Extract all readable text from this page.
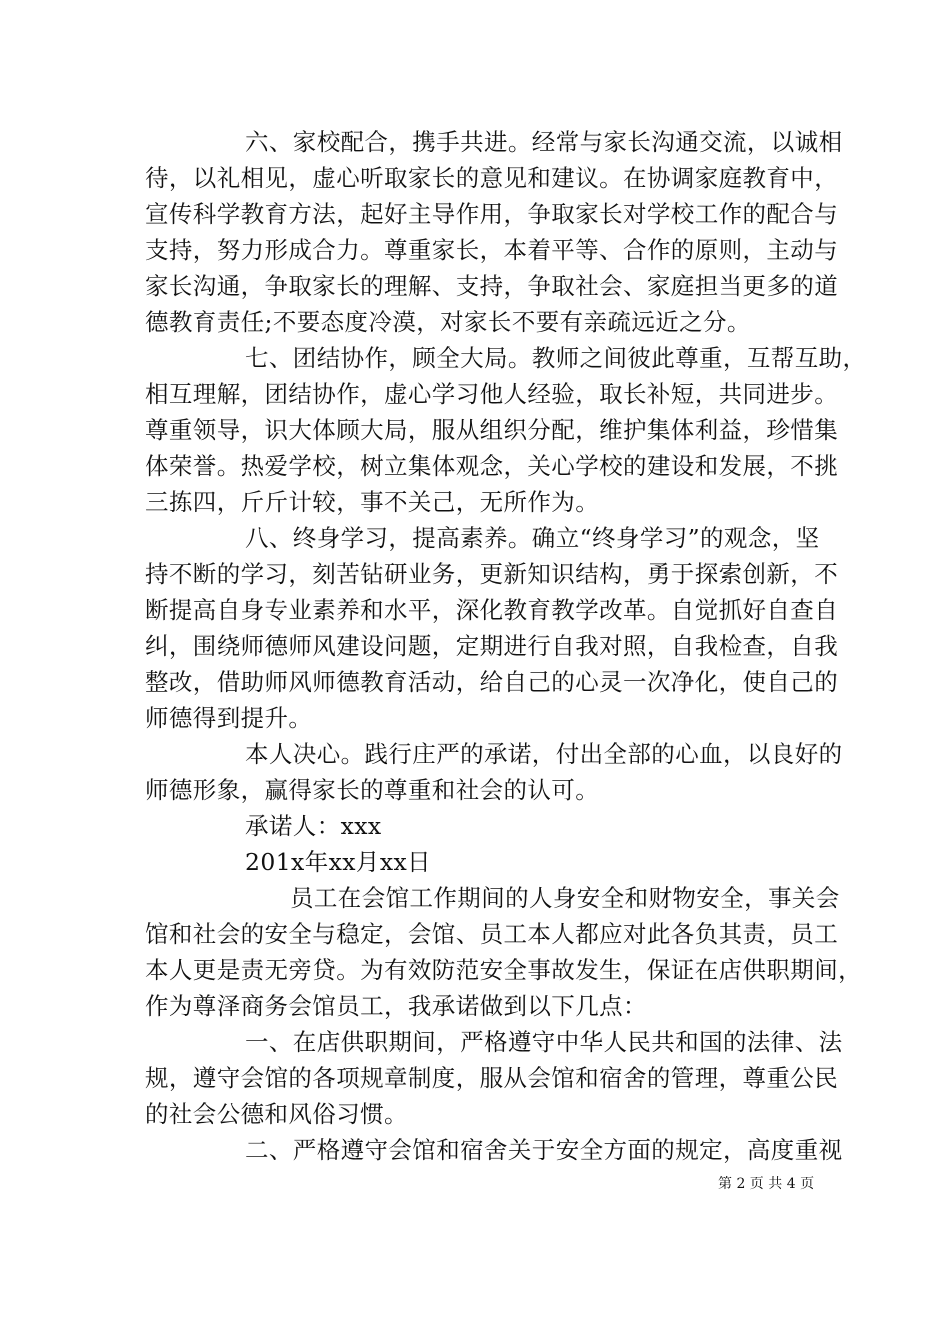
六、家校配合，携手共进。经常与家长沟通交流，以诚相
待，以礼相见，虚心听取家长的意见和建议。在协调家庭教育中，
宣传科学教育方法，起好主导作用，争取家长对学校工作的配合与
支持，努力形成合力。尊重家长，本着平等、合作的原则，主动与
家长沟通，争取家长的理解、支持，争取社会、家庭担当更多的道
德教育责任;不要态度冷漠，对家长不要有亲疏远近之分。
七、团结协作，顾全大局。教师之间彼此尊重，互帮互助，
相互理解，团结协作，虚心学习他人经验，取长补短，共同进步。
尊重领导，识大体顾大局，服从组织分配，维护集体利益，珍惜集
体荣誉。热爱学校，树立集体观念，关心学校的建设和发展，不挑
三拣四，斤斤计较，事不关己，无所作为。
八、终身学习，提高素养。确立“终身学习”的观念，坚
持不断的学习，刻苦钻研业务，更新知识结构，勇于探索创新，不
断提高自身专业素养和水平，深化教育教学改革。自觉抓好自查自
纠，围绕师德师风建设问题，定期进行自我对照，自我检查，自我
整改，借助师风师德教育活动，给自己的心灵一次净化，使自己的
师德得到提升。
本人决心。践行庄严的承诺，付出全部的心血，以良好的
师德形象，赢得家长的尊重和社会的认可。
承诺人：xxx
201x年xx月xx日
员工在会馆工作期间的人身安全和财物安全，事关会
馆和社会的安全与稳定，会馆、员工本人都应对此各负其责，员工
本人更是责无旁贷。为有效防范安全事故发生，保证在店供职期间，
作为尊泽商务会馆员工，我承诺做到以下几点：
一、在店供职期间，严格遵守中华人民共和国的法律、法
规，遵守会馆的各项规章制度，服从会馆和宿舍的管理，尊重公民
的社会公德和风俗习惯。
二、严格遵守会馆和宿舍关于安全方面的规定，高度重视
第 2 页 共 4 页
